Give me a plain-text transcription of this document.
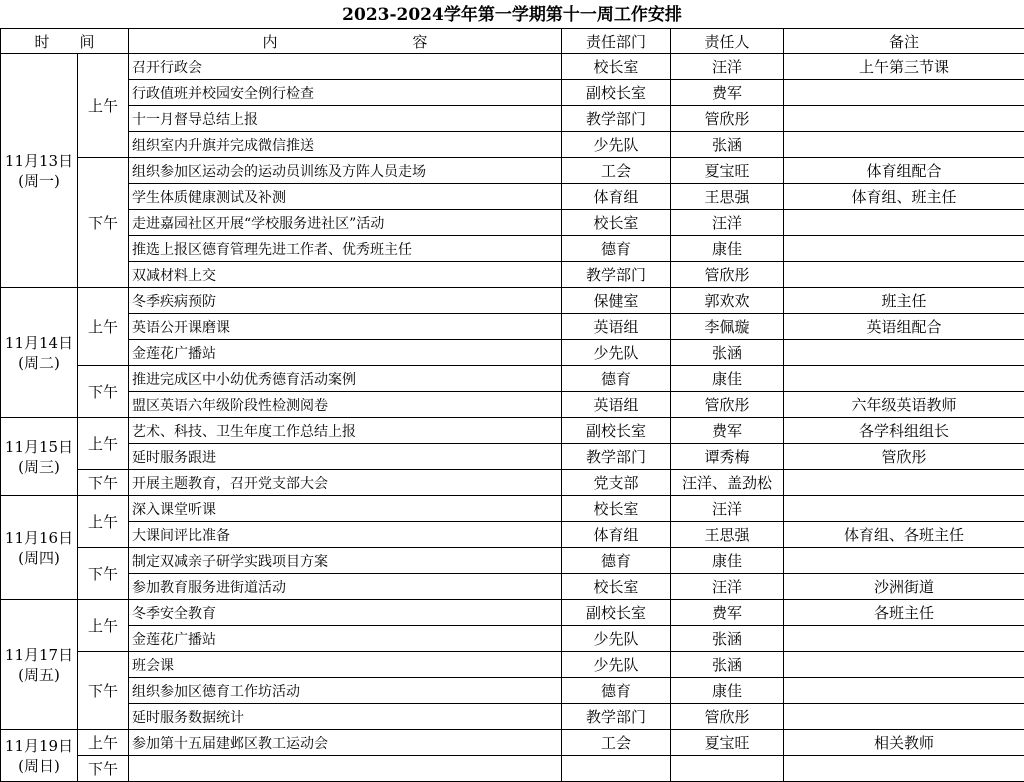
2023-2024学年第一学期第十一周工作安排
时　　间		内　　　　　　　　　容	责任部门	责任人	备注

11月13日
(周一)	上午	召开行政会	校长室	汪洋	上午第三节课
		行政值班并校园安全例行检查	副校长室	费军	
		十一月督导总结上报	教学部门	管欣彤	
		组织室内升旗并完成微信推送	少先队	张涵	
	下午	组织参加区运动会的运动员训练及方阵人员走场	工会	夏宝旺	体育组配合
		学生体质健康测试及补测	体育组	王思强	体育组、班主任
		走进嘉园社区开展“学校服务进社区”活动	校长室	汪洋	
		推选上报区德育管理先进工作者、优秀班主任	德育	康佳	
		双减材料上交	教学部门	管欣彤	

11月14日
(周二)	上午	冬季疾病预防	保健室	郭欢欢	班主任
		英语公开课磨课	英语组	李佩璇	英语组配合
		金莲花广播站	少先队	张涵	
	下午	推进完成区中小幼优秀德育活动案例	德育	康佳	
		盟区英语六年级阶段性检测阅卷	英语组	管欣彤	六年级英语教师

11月15日
(周三)	上午	艺术、科技、卫生年度工作总结上报	副校长室	费军	各学科组组长
		延时服务跟进	教学部门	谭秀梅	管欣彤
	下午	开展主题教育，召开党支部大会	党支部	汪洋、盖劲松	

11月16日
(周四)	上午	深入课堂听课	校长室	汪洋	
		大课间评比准备	体育组	王思强	体育组、各班主任
	下午	制定双减亲子研学实践项目方案	德育	康佳	
		参加教育服务进街道活动	校长室	汪洋	沙洲街道

11月17日
(周五)	上午	冬季安全教育	副校长室	费军	各班主任
		金莲花广播站	少先队	张涵	
	下午	班会课	少先队	张涵	
		组织参加区德育工作坊活动	德育	康佳	
		延时服务数据统计	教学部门	管欣彤	

11月19日
(周日)	上午	参加第十五届建邺区教工运动会	工会	夏宝旺	相关教师
	下午				
